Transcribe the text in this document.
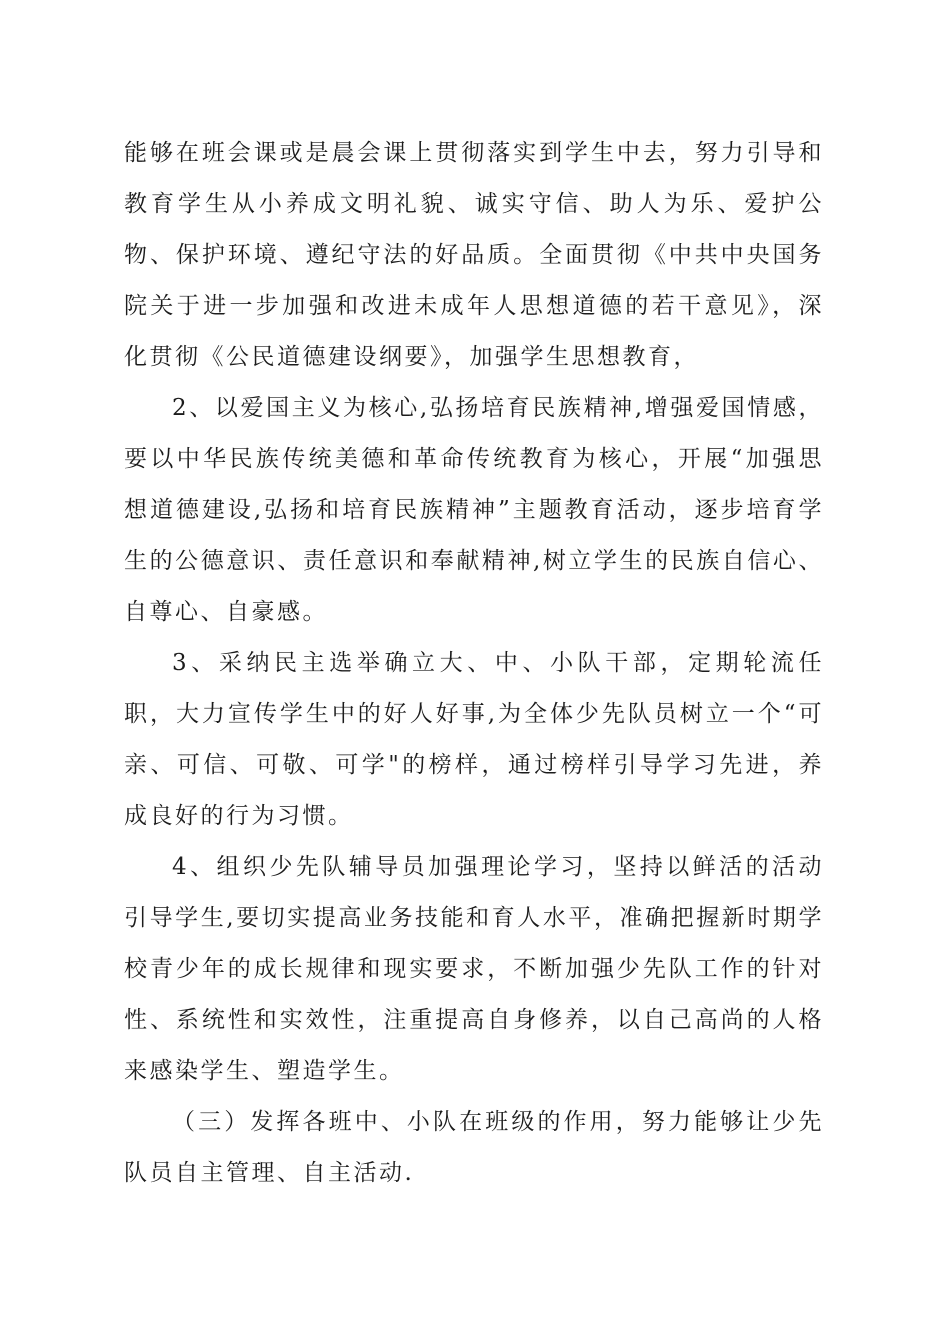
能够在班会课或是晨会课上贯彻落实到学生中去，努力引导和教育学生从小养成文明礼貌、诚实守信、助人为乐、爱护公物、保护环境、遵纪守法的好品质。全面贯彻《中共中央国务院关于进一步加强和改进未成年人思想道德的若干意见》，深化贯彻《公民道德建设纲要》，加强学生思想教育，

2、以爱国主义为核心,弘扬培育民族精神,增强爱国情感，要以中华民族传统美德和革命传统教育为核心，开展“加强思想道德建设,弘扬和培育民族精神”主题教育活动，逐步培育学生的公德意识、责任意识和奉献精神,树立学生的民族自信心、自尊心、自豪感。

3、采纳民主选举确立大、中、小队干部，定期轮流任职，大力宣传学生中的好人好事,为全体少先队员树立一个“可亲、可信、可敬、可学"的榜样，通过榜样引导学习先进，养成良好的行为习惯。

4、组织少先队辅导员加强理论学习，坚持以鲜活的活动引导学生,要切实提高业务技能和育人水平，准确把握新时期学校青少年的成长规律和现实要求，不断加强少先队工作的针对性、系统性和实效性，注重提高自身修养，以自己高尚的人格来感染学生、塑造学生。

（三）发挥各班中、小队在班级的作用，努力能够让少先队员自主管理、自主活动.
